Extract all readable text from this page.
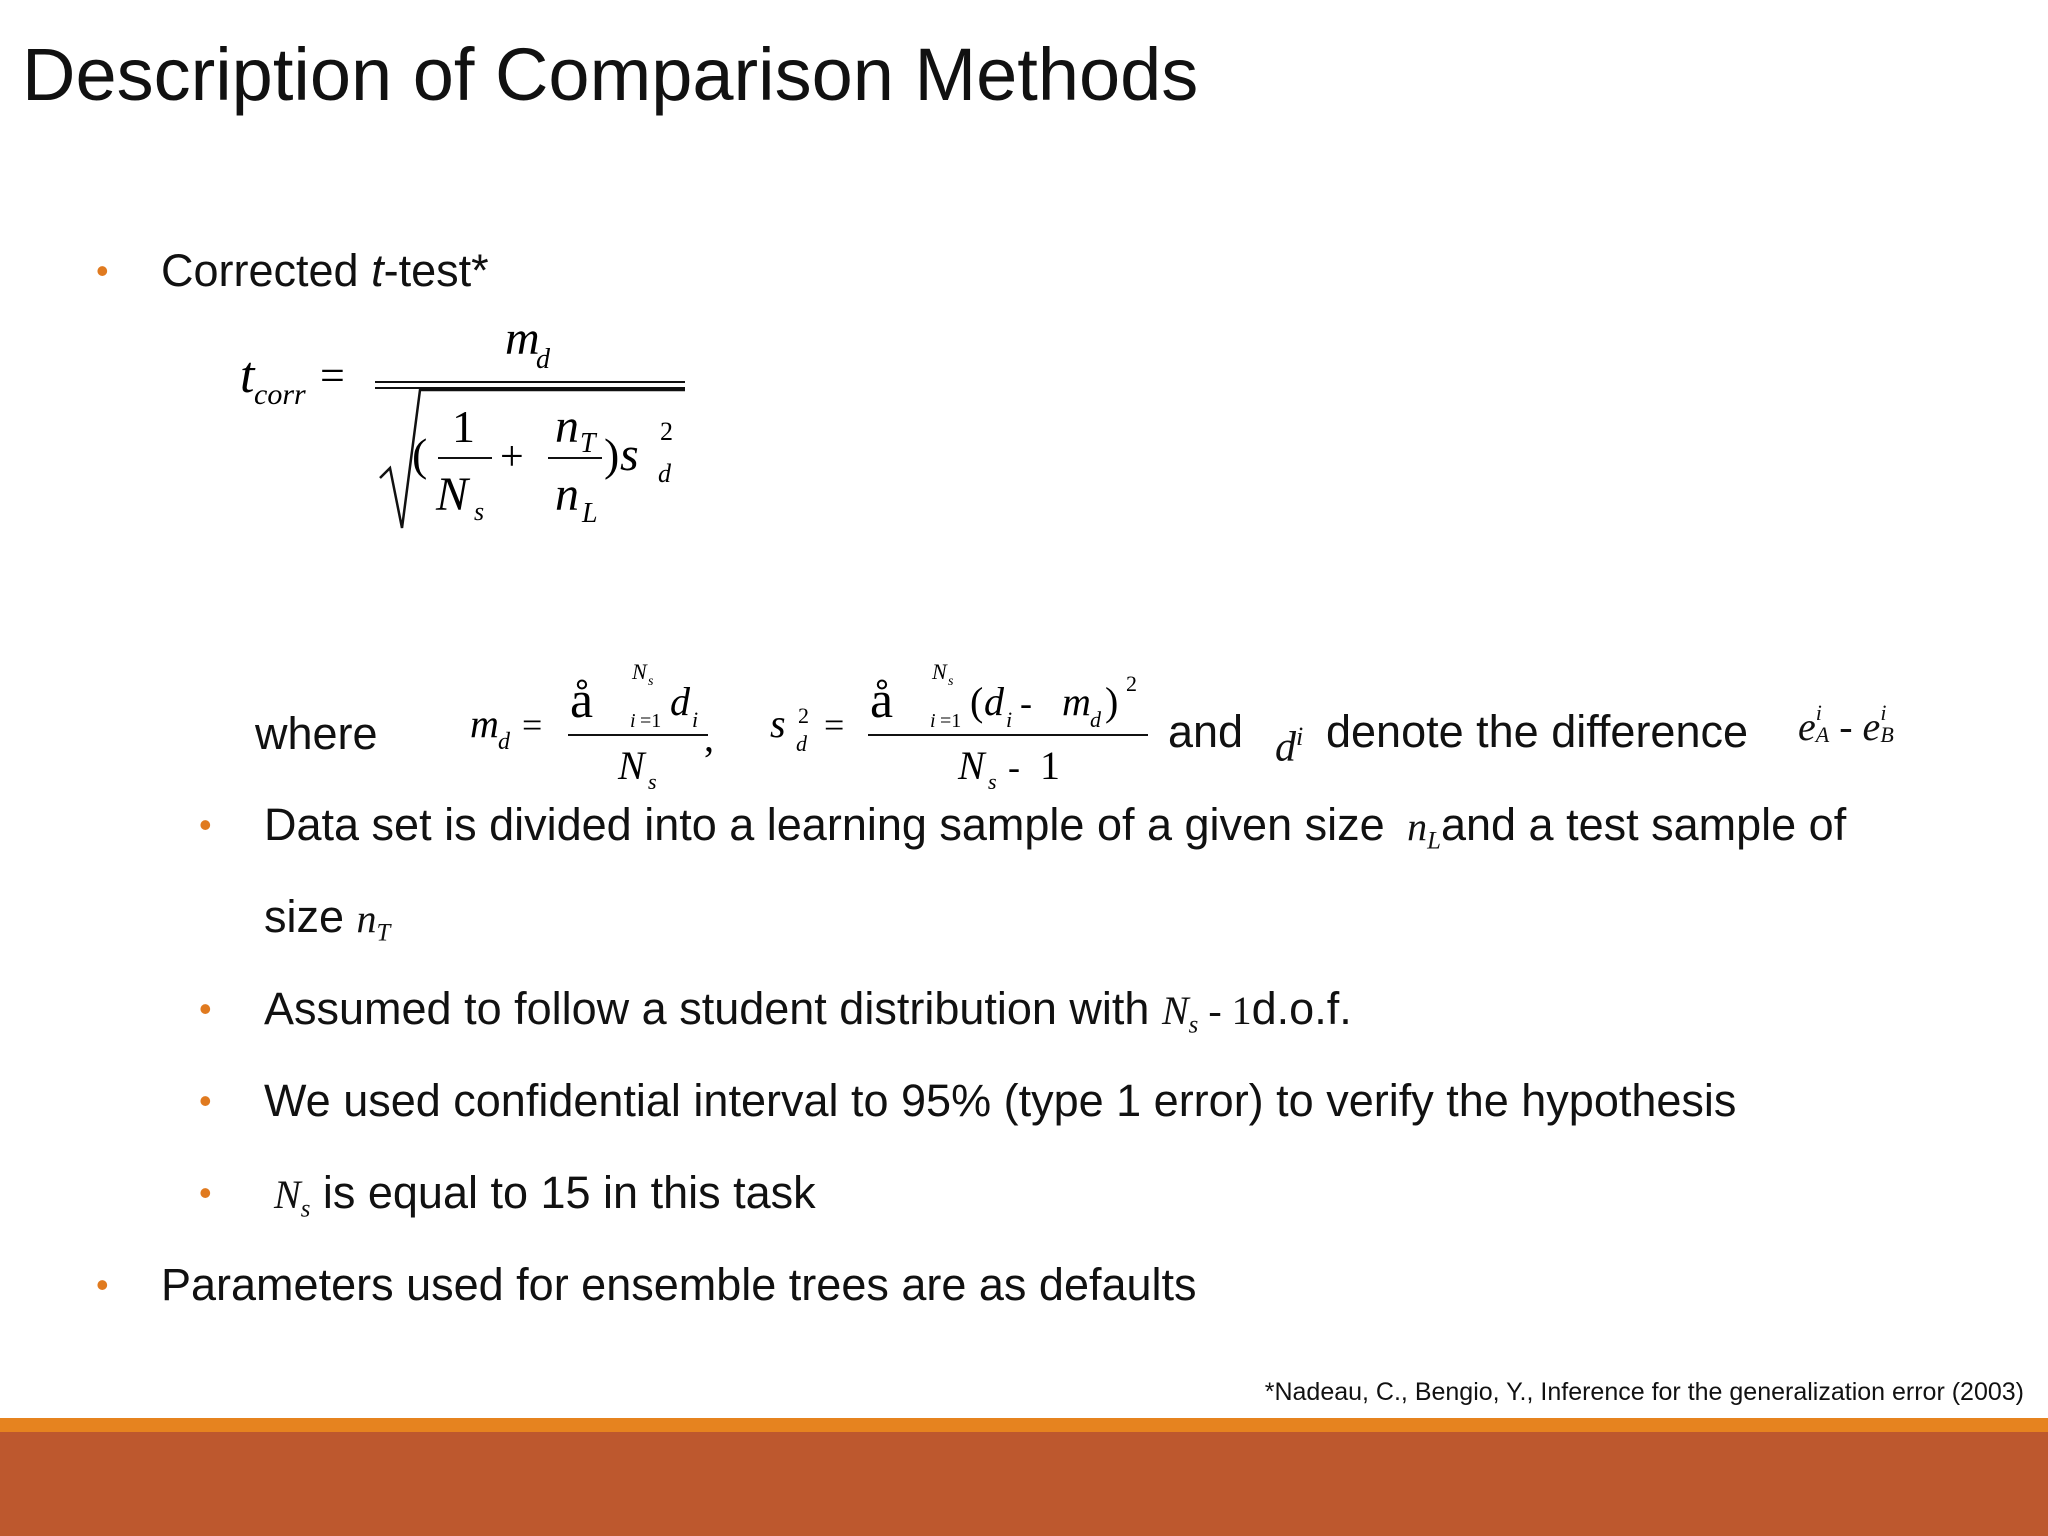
Description of Comparison Methods
• Corrected t-test*
t corr =
m
d
(
1
N s
+
n T
n L
) s 2
d
where m d = å
N s
i =1 d i
N s
, s 2
d = å
N s
i =1 ( d i - m d ) 2
N s - 1
and $d^i$ denote the difference e i
A - e i
B
• Data set is divided into a learning sample of a given size $n_Land$ a test sample of
size $n_T$
• Assumed to follow a student distribution with $N_s - 1d.o.f$.
• We used confidential interval to 95% (type 1 error) to verify the hypothesis
• $N_s$ is equal to 15 in this task
• Parameters used for ensemble trees are as defaults
*Nadeau, C., Bengio, Y., Inference for the generalization error (2003)
